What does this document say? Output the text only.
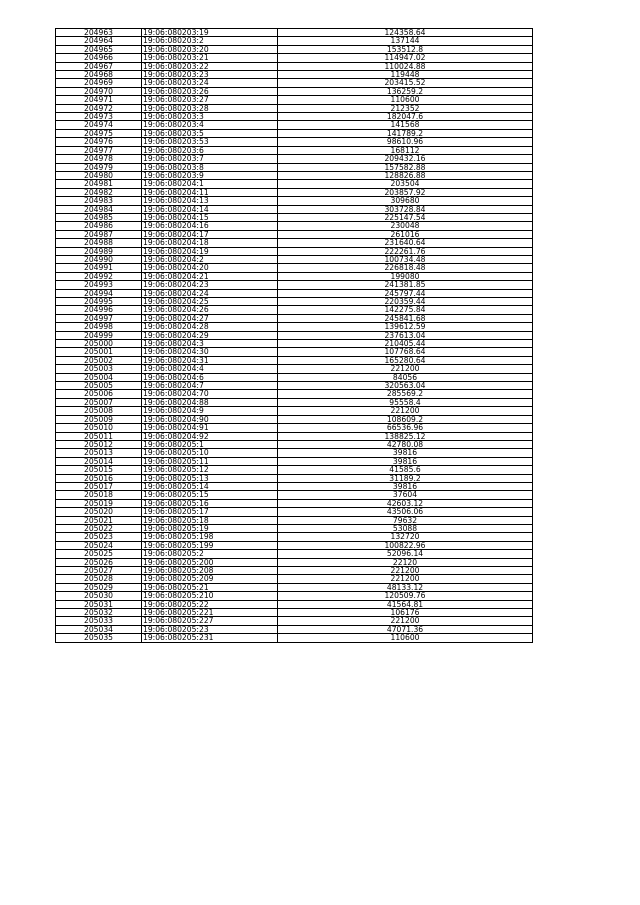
204963	19:06:080203:19	124358.64
204964	19:06:080203:2	137144
204965	19:06:080203:20	153512.8
204966	19:06:080203:21	114947.02
204967	19:06:080203:22	110024.88
204968	19:06:080203:23	119448
204969	19:06:080203:24	203415.52
204970	19:06:080203:26	136259.2
204971	19:06:080203:27	110600
204972	19:06:080203:28	212352
204973	19:06:080203:3	182047.6
204974	19:06:080203:4	141568
204975	19:06:080203:5	141789.2
204976	19:06:080203:53	98610.96
204977	19:06:080203:6	168112
204978	19:06:080203:7	209432.16
204979	19:06:080203:8	157582.88
204980	19:06:080203:9	128826.88
204981	19:06:080204:1	203504
204982	19:06:080204:11	203857.92
204983	19:06:080204:13	309680
204984	19:06:080204:14	303728.84
204985	19:06:080204:15	225147.54
204986	19:06:080204:16	230048
204987	19:06:080204:17	261016
204988	19:06:080204:18	231640.64
204989	19:06:080204:19	222261.76
204990	19:06:080204:2	100734.48
204991	19:06:080204:20	226818.48
204992	19:06:080204:21	199080
204993	19:06:080204:23	241381.85
204994	19:06:080204:24	245797.44
204995	19:06:080204:25	220359.44
204996	19:06:080204:26	142275.84
204997	19:06:080204:27	245841.68
204998	19:06:080204:28	139612.59
204999	19:06:080204:29	237613.04
205000	19:06:080204:3	210405.44
205001	19:06:080204:30	107768.64
205002	19:06:080204:31	165280.64
205003	19:06:080204:4	221200
205004	19:06:080204:6	84056
205005	19:06:080204:7	320563.04
205006	19:06:080204:70	285569.2
205007	19:06:080204:88	95558.4
205008	19:06:080204:9	221200
205009	19:06:080204:90	108609.2
205010	19:06:080204:91	66536.96
205011	19:06:080204:92	138825.12
205012	19:06:080205:1	42780.08
205013	19:06:080205:10	39816
205014	19:06:080205:11	39816
205015	19:06:080205:12	41585.6
205016	19:06:080205:13	31189.2
205017	19:06:080205:14	39816
205018	19:06:080205:15	37604
205019	19:06:080205:16	42603.12
205020	19:06:080205:17	43506.06
205021	19:06:080205:18	79632
205022	19:06:080205:19	53088
205023	19:06:080205:198	132720
205024	19:06:080205:199	100822.96
205025	19:06:080205:2	52096.14
205026	19:06:080205:200	22120
205027	19:06:080205:208	221200
205028	19:06:080205:209	221200
205029	19:06:080205:21	48133.12
205030	19:06:080205:210	120509.76
205031	19:06:080205:22	41564.81
205032	19:06:080205:221	106176
205033	19:06:080205:227	221200
205034	19:06:080205:23	47071.36
205035	19:06:080205:231	110600
